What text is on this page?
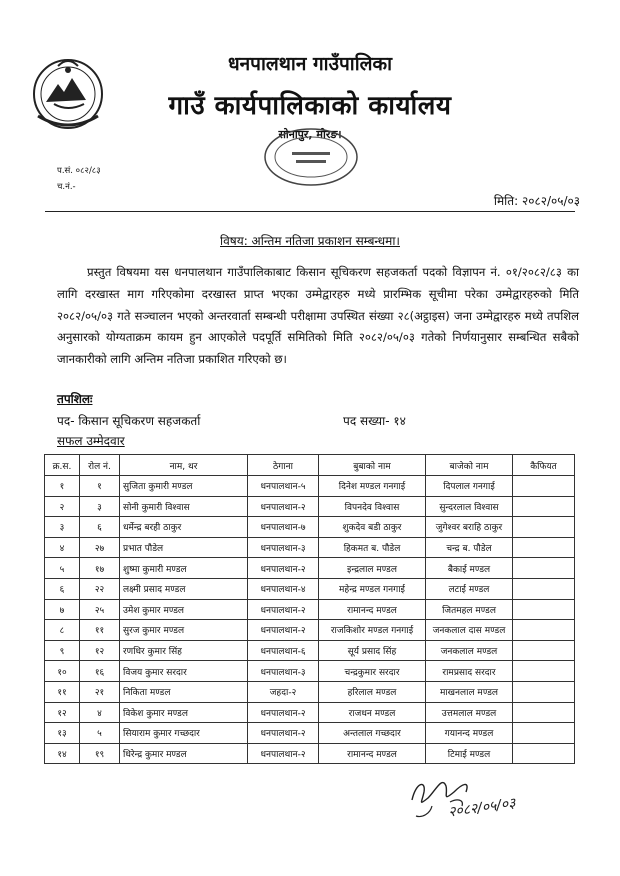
धनपालथान गाउँपालिका
गाउँ कार्यपालिकाको कार्यालय
सोनापुर, मोरङ।
प.सं. ०८२/८३
च.नं.-
मिति: २०८२/०५/०३
विषय: अन्तिम नतिजा प्रकाशन सम्बन्धमा।
प्रस्तुत विषयमा यस धनपालथान गाउँपालिकाबाट किसान सूचिकरण सहजकर्ता पदको विज्ञापन नं. ०१/२०८२/८३ का लागि दरखास्त माग गरिएकोमा दरखास्त प्राप्त भएका उम्मेद्वारहरु मध्ये प्रारम्भिक सूचीमा परेका उम्मेद्वारहरुको मिति २०८२/०५/०३ गते सञ्चालन भएको अन्तरवार्ता सम्बन्धी परीक्षामा उपस्थित संख्या २८(अट्ठाइस) जना उम्मेद्वारहरु मध्ये तपशिल अनुसारको योग्यताक्रम कायम हुन आएकोले पदपूर्ति समितिको मिति २०८२/०५/०३ गतेको निर्णयानुसार सम्बन्धित सबैको जानकारीको लागि अन्तिम नतिजा प्रकाशित गरिएको छ।
तपशिलः
पद- किसान सूचिकरण सहजकर्ता	पद सख्या- १४
सफल उम्मेदवार
क्र.स.	रोल नं.	नाम, थर	ठेगाना	बुबाको नाम	बाजेको नाम	कैफियत
१	१	सुजिता कुमारी मण्डल	धनपालथान-५	दिनेश मण्डल गनगाई	दिपलाल गनगाई	
२	३	सोनी कुमारी विश्वास	धनपालथान-२	विपनदेव विश्वास	सुन्दरलाल विश्वास	
३	६	धर्मेन्द्र बरही ठाकुर	धनपालथान-७	शुकदेव बडी ठाकुर	जुगेश्वर बराहि ठाकुर	
४	२७	प्रभात पौडेल	धनपालथान-३	हिकमत ब. पौडेल	चन्द्र ब. पौडेल	
५	१७	शुष्मा कुमारी मण्डल	धनपालथान-२	इन्द्रलाल मण्डल	बैकाई मण्डल	
६	२२	लक्ष्मी प्रसाद मण्डल	धनपालथान-४	महेन्द्र मण्डल गनगाई	लटाई मण्डल	
७	२५	उमेश कुमार मण्डल	धनपालथान-२	रामानन्द मण्डल	जितमहल मण्डल	
८	११	सुरज कुमार मण्डल	धनपालथान-२	राजकिशोर मण्डल गनगाई	जनकलाल दास मण्डल	
९	१२	रणधिर कुमार सिंह	धनपालथान-६	सूर्य प्रसाद सिंह	जनकलाल मण्डल	
१०	१६	विजय कुमार सरदार	धनपालथान-३	चन्द्रकुमार सरदार	रामप्रसाद सरदार	
११	२१	निकिता मण्डल	जहदा-२	हरिलाल मण्डल	माखनलाल मण्डल	
१२	४	विकेश कुमार मण्डल	धनपालथान-२	राजधन मण्डल	उत्तमलाल मण्डल	
१३	५	सियाराम कुमार गच्छदार	धनपालथान-२	अन्तलाल गच्छदार	गयानन्द मण्डल	
१४	१९	धिरेन्द्र कुमार मण्डल	धनपालथान-२	रामानन्द मण्डल	टिमाई मण्डल	
२०८२/०५/०३
